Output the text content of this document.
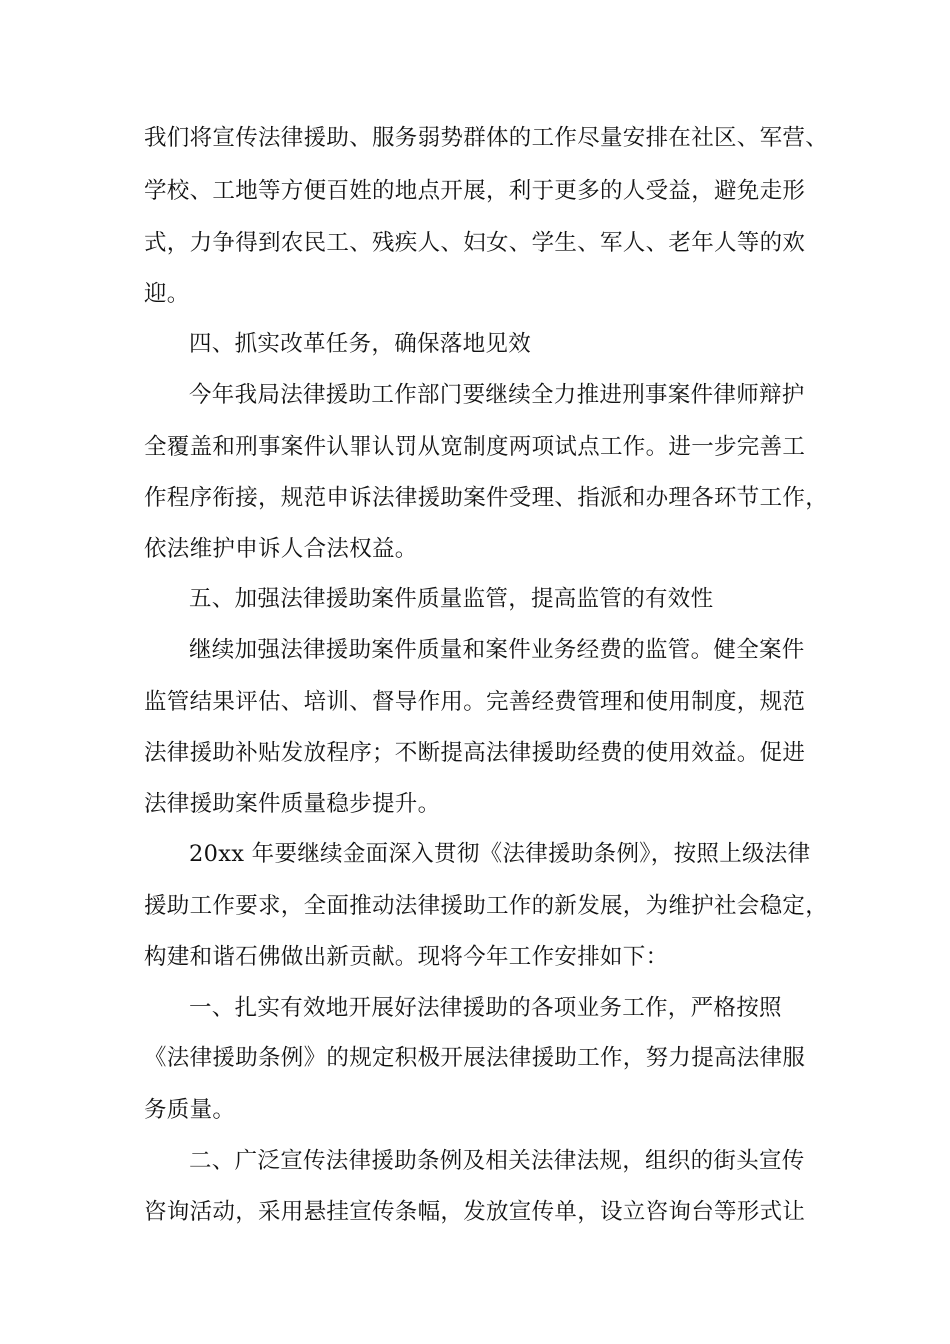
我们将宣传法律援助、服务弱势群体的工作尽量安排在社区、军营、
学校、工地等方便百姓的地点开展，利于更多的人受益，避免走形
式，力争得到农民工、残疾人、妇女、学生、军人、老年人等的欢
迎。
四、抓实改革任务，确保落地见效
今年我局法律援助工作部门要继续全力推进刑事案件律师辩护
全覆盖和刑事案件认罪认罚从宽制度两项试点工作。进一步完善工
作程序衔接，规范申诉法律援助案件受理、指派和办理各环节工作，
依法维护申诉人合法权益。
五、加强法律援助案件质量监管，提高监管的有效性
继续加强法律援助案件质量和案件业务经费的监管。健全案件
监管结果评估、培训、督导作用。完善经费管理和使用制度，规范
法律援助补贴发放程序；不断提高法律援助经费的使用效益。促进
法律援助案件质量稳步提升。
20xx 年要继续金面深入贯彻《法律援助条例》，按照上级法律
援助工作要求，全面推动法律援助工作的新发展，为维护社会稳定，
构建和谐石佛做出新贡献。现将今年工作安排如下：
一、扎实有效地开展好法律援助的各项业务工作，严格按照
《法律援助条例》的规定积极开展法律援助工作，努力提高法律服
务质量。
二、广泛宣传法律援助条例及相关法律法规，组织的街头宣传
咨询活动，采用悬挂宣传条幅，发放宣传单，设立咨询台等形式让
